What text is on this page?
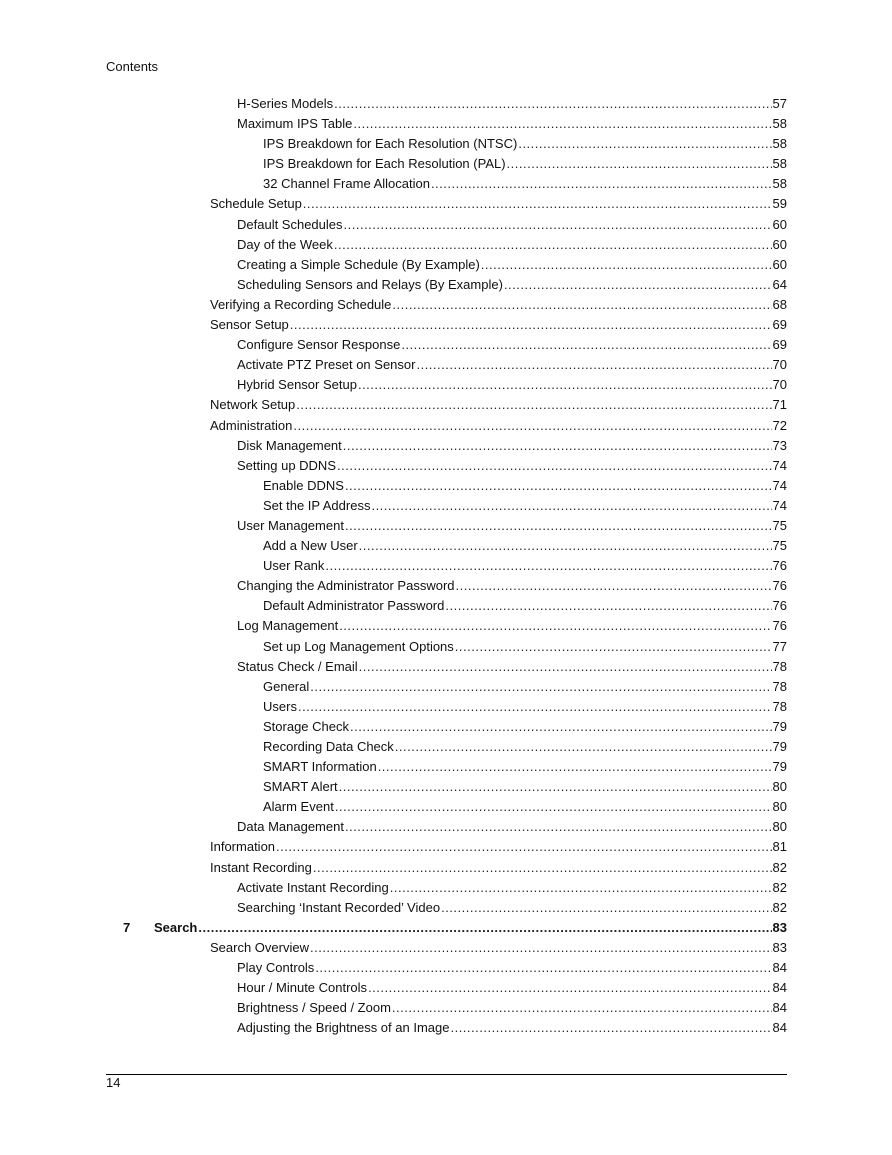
Contents
H-Series Models .....	57
Maximum IPS Table .....	58
IPS Breakdown for Each Resolution (NTSC) .....	58
IPS Breakdown for Each Resolution (PAL) .....	58
32 Channel Frame Allocation .....	58
Schedule Setup .....	59
Default Schedules .....	60
Day of the Week .....	60
Creating a Simple Schedule (By Example) .....	60
Scheduling Sensors and Relays (By Example) .....	64
Verifying a Recording Schedule .....	68
Sensor Setup .....	69
Configure Sensor Response .....	69
Activate PTZ Preset on Sensor .....	70
Hybrid Sensor Setup .....	70
Network Setup .....	71
Administration .....	72
Disk Management .....	73
Setting up DDNS .....	74
Enable DDNS .....	74
Set the IP Address .....	74
User Management .....	75
Add a New User .....	75
User Rank .....	76
Changing the Administrator Password .....	76
Default Administrator Password .....	76
Log Management .....	76
Set up Log Management Options .....	77
Status Check / Email .....	78
General .....	78
Users .....	78
Storage Check .....	79
Recording Data Check .....	79
SMART Information .....	79
SMART Alert .....	80
Alarm Event .....	80
Data Management .....	80
Information .....	81
Instant Recording .....	82
Activate Instant Recording .....	82
Searching ‘Instant Recorded’ Video .....	82
7 Search .....	83
Search Overview .....	83
Play Controls .....	84
Hour / Minute Controls .....	84
Brightness / Speed / Zoom .....	84
Adjusting the Brightness of an Image .....	84
14
